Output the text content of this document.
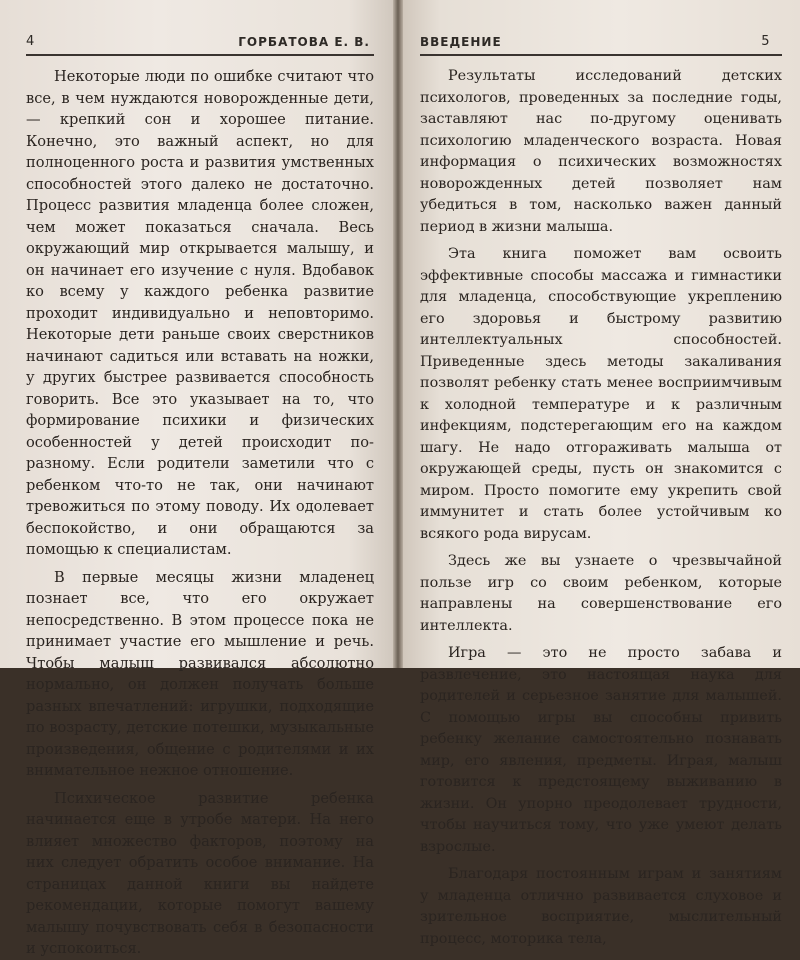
4	ГОРБАТОВА Е. В.

Некоторые люди по ошибке считают что все, в чем нуждаются новорожденные дети, — крепкий сон и хорошее питание. Конечно, это важный аспект, но для полноценного роста и развития умственных способностей этого далеко не достаточно. Процесс развития младенца более сложен, чем может показаться сначала. Весь окружающий мир открывается малышу, и он начинает его изучение с нуля. Вдобавок ко всему у каждого ребенка развитие проходит индивидуально и неповторимо. Некоторые дети раньше своих сверстников начинают садиться или вставать на ножки, у других быстрее развивается способность говорить. Все это указывает на то, что формирование психики и физических особенностей у детей происходит по-разному. Если родители заметили что с ребенком что-то не так, они начинают тревожиться по этому поводу. Их одолевает беспокойство, и они обращаются за помощью к специалистам.

В первые месяцы жизни младенец познает все, что его окружает непосредственно. В этом процессе пока не принимает участие его мышление и речь. Чтобы малыш развивался абсолютно нормально, он должен получать больше разных впечатлений: игрушки, подходящие по возрасту, детские потешки, музыкальные произведения, общение с родителями и их внимательное нежное отношение.

Психическое развитие ребенка начинается еще в утробе матери. На него влияет множество факторов, поэтому на них следует обратить особое внимание. На страницах данной книги вы найдете рекомендации, которые помогут вашему малышу почувствовать себя в безопасности и успокоиться.

ВВЕДЕНИЕ	5

Результаты исследований детских психологов, проведенных за последние годы, заставляют нас по-другому оценивать психологию младенческого возраста. Новая информация о психических возможностях новорожденных детей позволяет нам убедиться в том, насколько важен данный период в жизни малыша.

Эта книга поможет вам освоить эффективные способы массажа и гимнастики для младенца, способствующие укреплению его здоровья и быстрому развитию интеллектуальных способностей. Приведенные здесь методы закаливания позволят ребенку стать менее восприимчивым к холодной температуре и к различным инфекциям, подстерегающим его на каждом шагу. Не надо отгораживать малыша от окружающей среды, пусть он знакомится с миром. Просто помогите ему укрепить свой иммунитет и стать более устойчивым ко всякого рода вирусам.

Здесь же вы узнаете о чрезвычайной пользе игр со своим ребенком, которые направлены на совершенствование его интеллекта.

Игра — это не просто забава и развлечение, это настоящая наука для родителей и серьезное занятие для малышей. С помощью игры вы способны привить ребенку желание самостоятельно познавать мир, его явления, предметы. Играя, малыш готовится к предстоящему выживанию в жизни. Он упорно преодолевает трудности, чтобы научиться тому, что уже умеют делать взрослые.

Благодаря постоянным играм и занятиям у младенца отлично развивается слуховое и зрительное восприятие, мыслительный процесс, моторика тела,
